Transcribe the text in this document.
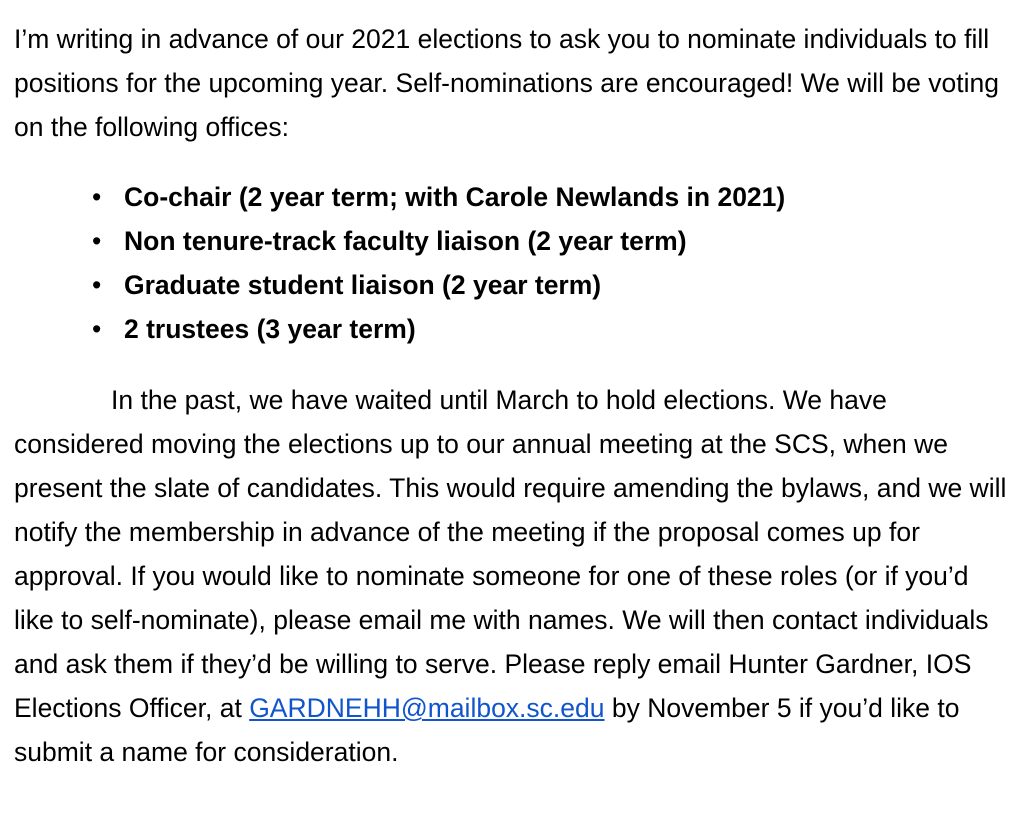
I’m writing in advance of our 2021 elections to ask you to nominate individuals to fill positions for the upcoming year. Self-nominations are encouraged! We will be voting on the following offices:

• Co-chair (2 year term; with Carole Newlands in 2021)
• Non tenure-track faculty liaison (2 year term)
• Graduate student liaison (2 year term)
• 2 trustees (3 year term)

In the past, we have waited until March to hold elections. We have considered moving the elections up to our annual meeting at the SCS, when we present the slate of candidates. This would require amending the bylaws, and we will notify the membership in advance of the meeting if the proposal comes up for approval. If you would like to nominate someone for one of these roles (or if you’d like to self-nominate), please email me with names. We will then contact individuals and ask them if they’d be willing to serve. Please reply email Hunter Gardner, IOS Elections Officer, at GARDNEHH@mailbox.sc.edu by November 5 if you’d like to submit a name for consideration.
